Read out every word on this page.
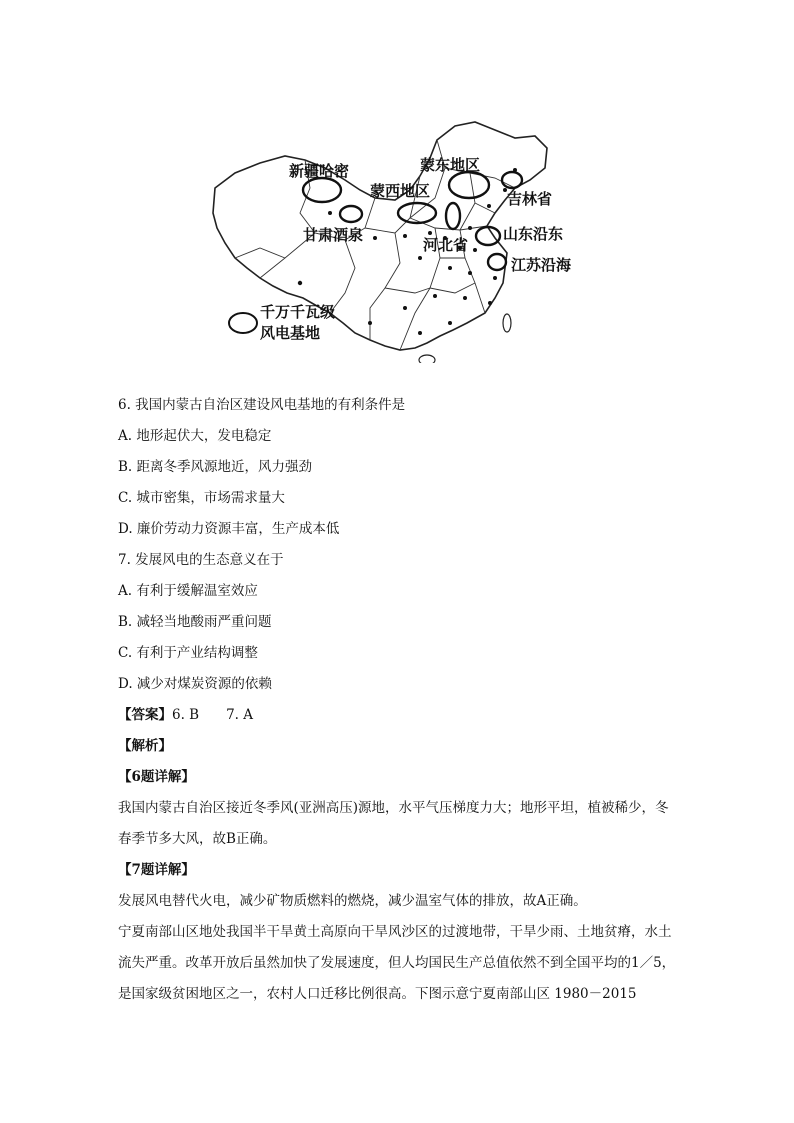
新疆哈密	蒙东地区
蒙西地区	吉林省
甘肃酒泉
河北省
山东沿东
江苏沿海
千万千瓦级
风电基地
6. 我国内蒙古自治区建设风电基地的有利条件是
A. 地形起伏大，发电稳定
B. 距离冬季风源地近，风力强劲
C. 城市密集，市场需求量大
D. 廉价劳动力资源丰富，生产成本低
7. 发展风电的生态意义在于
A. 有利于缓解温室效应
B. 减轻当地酸雨严重问题
C. 有利于产业结构调整
D. 减少对煤炭资源的依赖
【答案】6. B　　7. A
【解析】
【6题详解】
我国内蒙古自治区接近冬季风(亚洲高压)源地，水平气压梯度力大；地形平坦，植被稀少，冬春季节多大风，故B正确。
【7题详解】
发展风电替代火电，减少矿物质燃料的燃烧，减少温室气体的排放，故A正确。
宁夏南部山区地处我国半干旱黄土高原向干旱风沙区的过渡地带，干旱少雨、土地贫瘠，水土流失严重。改革开放后虽然加快了发展速度，但人均国民生产总值依然不到全国平均的1／5，是国家级贫困地区之一，农村人口迁移比例很高。下图示意宁夏南部山区 1980－2015
